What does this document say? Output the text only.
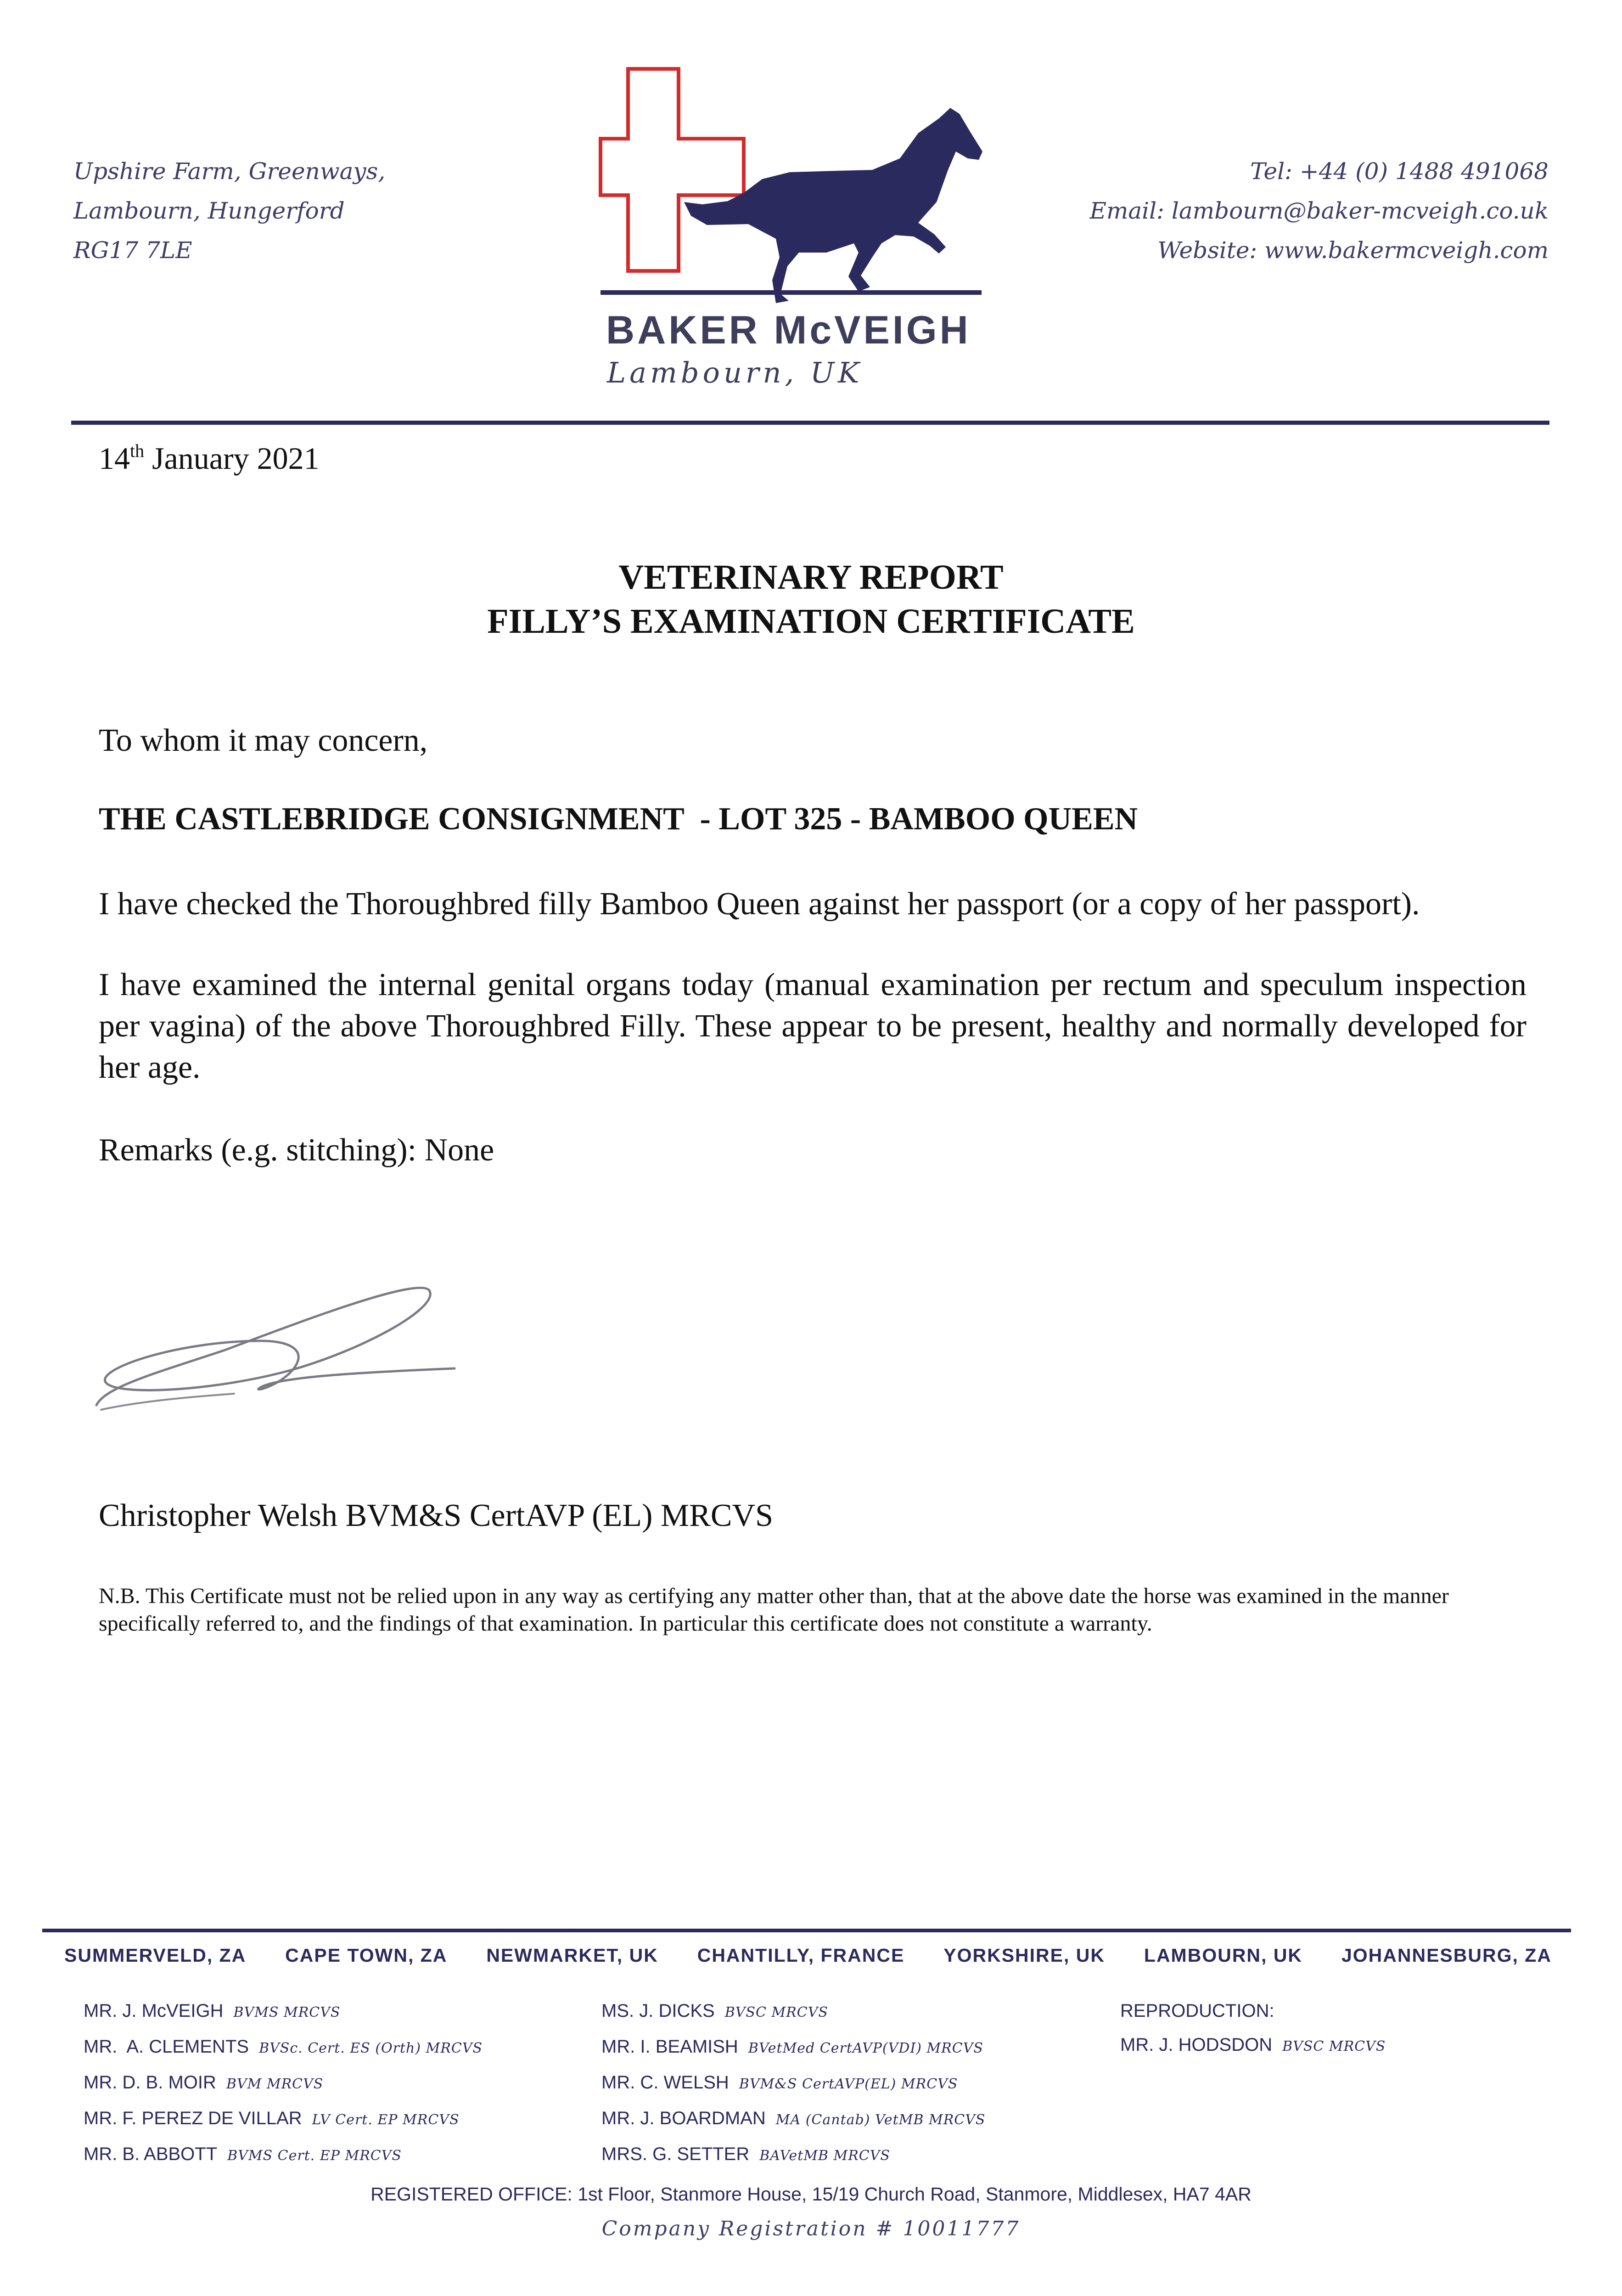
Upshire Farm, Greenways,
Lambourn, Hungerford
RG17 7LE
BAKER McVEIGH
Lambourn, UK
Tel: +44 (0) 1488 491068
Email: lambourn@baker-mcveigh.co.uk
Website: www.bakermcveigh.com
14th January 2021
VETERINARY REPORT
FILLY’S EXAMINATION CERTIFICATE
To whom it may concern,
THE CASTLEBRIDGE CONSIGNMENT  - LOT 325 - BAMBOO QUEEN
I have checked the Thoroughbred filly Bamboo Queen against her passport (or a copy of her passport).
I have examined the internal genital organs today (manual examination per rectum and speculum inspection per vagina) of the above Thoroughbred Filly. These appear to be present, healthy and normally developed for her age.
Remarks (e.g. stitching): None
Christopher Welsh BVM&S CertAVP (EL) MRCVS
N.B. This Certificate must not be relied upon in any way as certifying any matter other than, that at the above date the horse was examined in the manner specifically referred to, and the findings of that examination. In particular this certificate does not constitute a warranty.
SUMMERVELD, ZA CAPE TOWN, ZA NEWMARKET, UK CHANTILLY, FRANCE YORKSHIRE, UK LAMBOURN, UK JOHANNESBURG, ZA
MR. J. McVEIGH BVMS MRCVS
MR.  A. CLEMENTS BVSc. Cert. ES (Orth) MRCVS
MR. D. B. MOIR BVM MRCVS
MR. F. PEREZ DE VILLAR LV Cert. EP MRCVS
MR. B. ABBOTT BVMS Cert. EP MRCVS
MS. J. DICKS BVSC MRCVS
MR. I. BEAMISH BVetMed CertAVP(VDI) MRCVS
MR. C. WELSH BVM&S CertAVP(EL) MRCVS
MR. J. BOARDMAN MA (Cantab) VetMB MRCVS
MRS. G. SETTER BAVetMB MRCVS
REPRODUCTION:
MR. J. HODSDON BVSC MRCVS
REGISTERED OFFICE: 1st Floor, Stanmore House, 15/19 Church Road, Stanmore, Middlesex, HA7 4AR
Company Registration # 10011777
